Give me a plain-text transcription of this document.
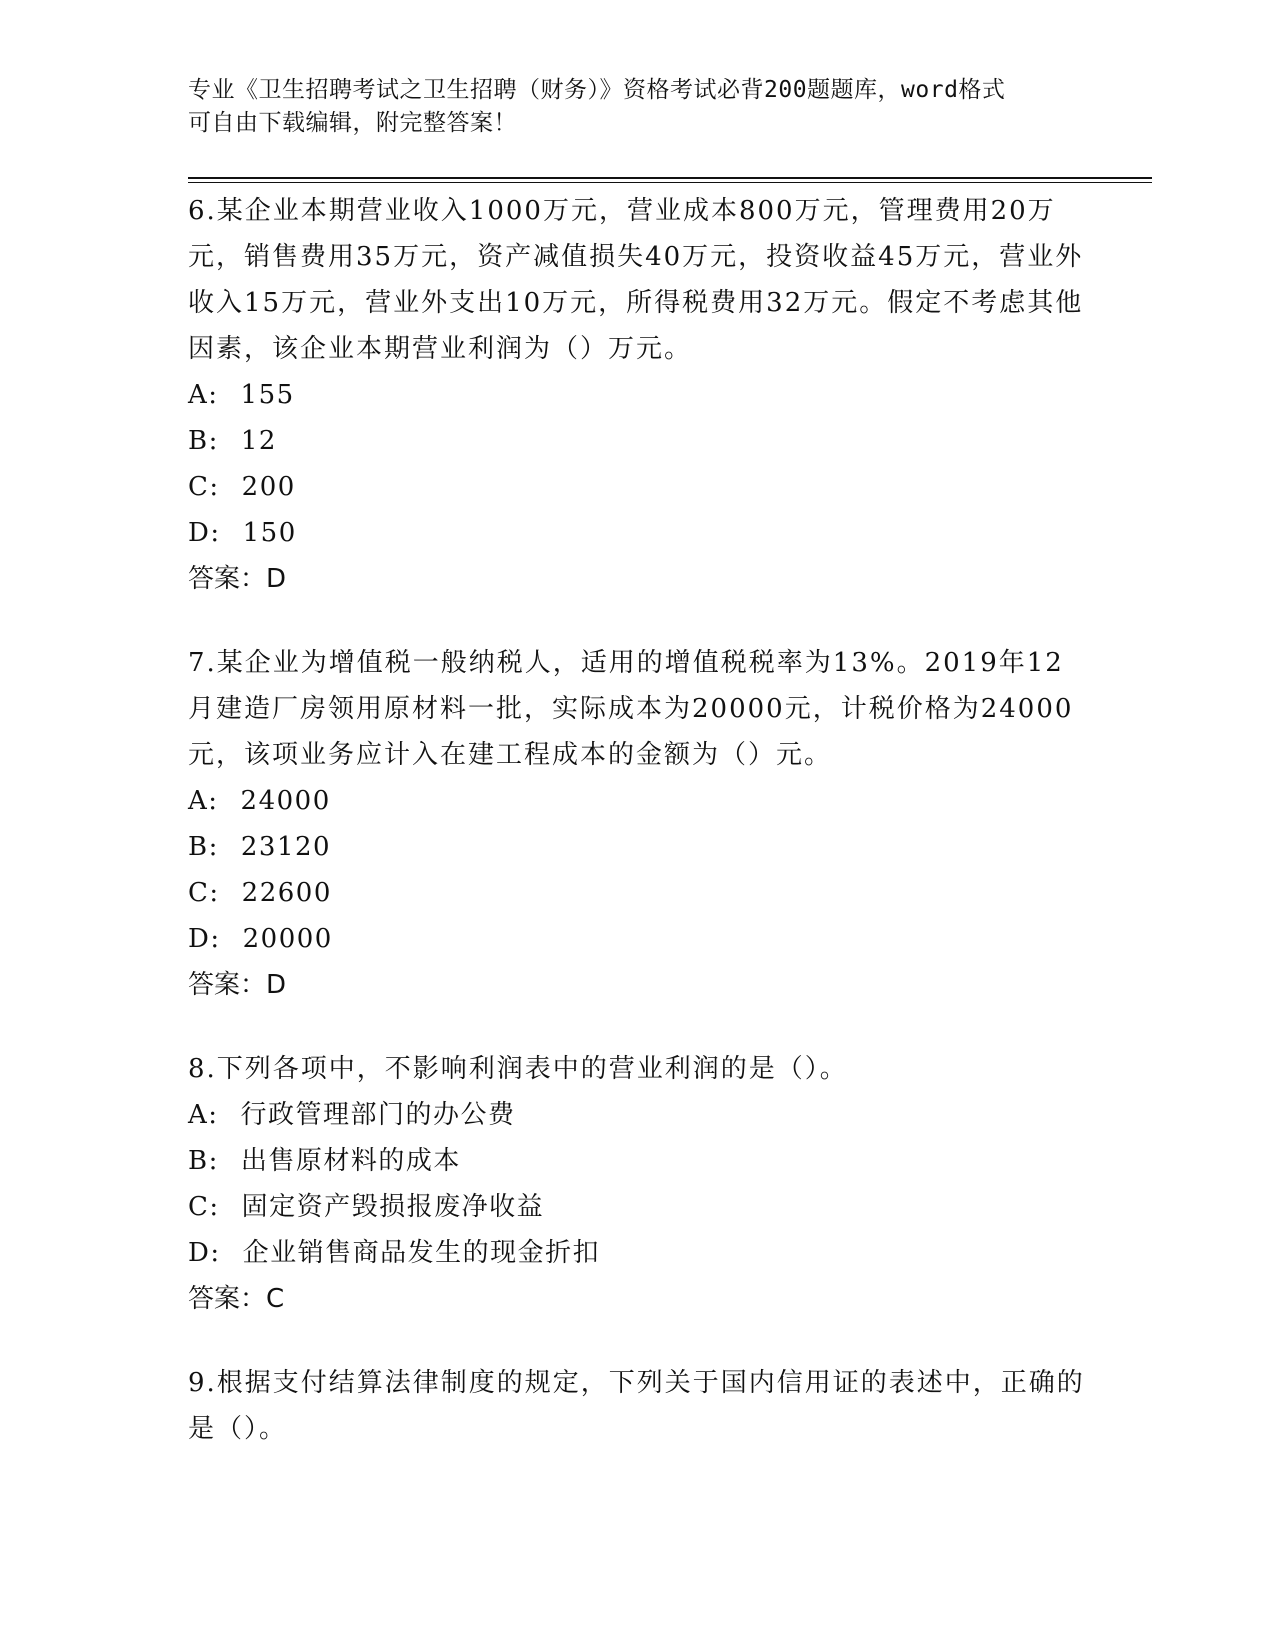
专业《卫生招聘考试之卫生招聘（财务）》资格考试必背200题题库，word格式
可自由下载编辑，附完整答案！

6.某企业本期营业收入1000万元，营业成本800万元，管理费用20万元，销售费用35万元，资产减值损失40万元，投资收益45万元，营业外收入15万元，营业外支出10万元，所得税费用32万元。假定不考虑其他因素，该企业本期营业利润为（）万元。

A: 155

B: 12

C: 200

D: 150

答案：D

7.某企业为增值税一般纳税人，适用的增值税税率为13%。2019年12月建造厂房领用原材料一批，实际成本为20000元，计税价格为24000元，该项业务应计入在建工程成本的金额为（）元。

A: 24000

B: 23120

C: 22600

D: 20000

答案：D

8.下列各项中，不影响利润表中的营业利润的是（）。

A: 行政管理部门的办公费

B: 出售原材料的成本

C: 固定资产毁损报废净收益

D: 企业销售商品发生的现金折扣

答案：C

9.根据支付结算法律制度的规定，下列关于国内信用证的表述中，正确的是（）。
